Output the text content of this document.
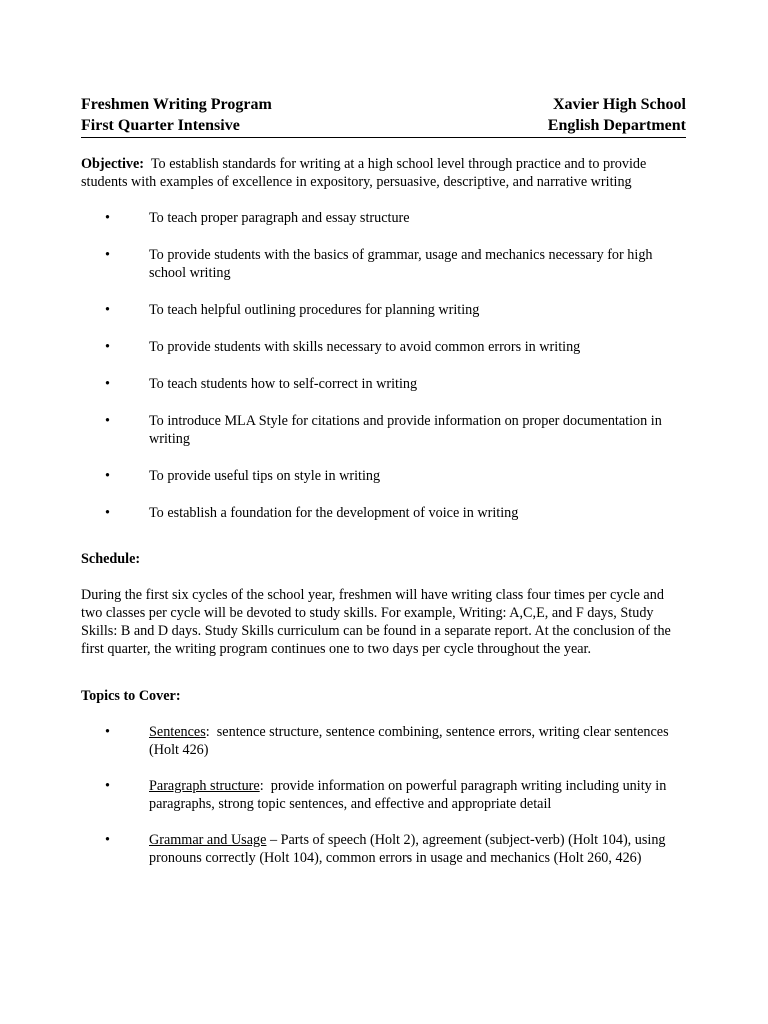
Freshmen Writing Program	Xavier High School
First Quarter Intensive	English Department

Objective: To establish standards for writing at a high school level through practice and to provide students with examples of excellence in expository, persuasive, descriptive, and narrative writing

•	To teach proper paragraph and essay structure
•	To provide students with the basics of grammar, usage and mechanics necessary for high school writing
•	To teach helpful outlining procedures for planning writing
•	To provide students with skills necessary to avoid common errors in writing
•	To teach students how to self-correct in writing
•	To introduce MLA Style for citations and provide information on proper documentation in writing
•	To provide useful tips on style in writing
•	To establish a foundation for the development of voice in writing
Schedule:
During the first six cycles of the school year, freshmen will have writing class four times per cycle and two classes per cycle will be devoted to study skills. For example, Writing: A,C,E, and F days, Study Skills: B and D days. Study Skills curriculum can be found in a separate report. At the conclusion of the first quarter, the writing program continues one to two days per cycle throughout the year.
Topics to Cover:
•	Sentences:  sentence structure, sentence combining, sentence errors, writing clear sentences (Holt 426)
•	Paragraph structure:  provide information on powerful paragraph writing including unity in paragraphs, strong topic sentences, and effective and appropriate detail
•	Grammar and Usage – Parts of speech (Holt 2), agreement (subject-verb) (Holt 104), using pronouns correctly (Holt 104), common errors in usage and mechanics (Holt 260, 426)
